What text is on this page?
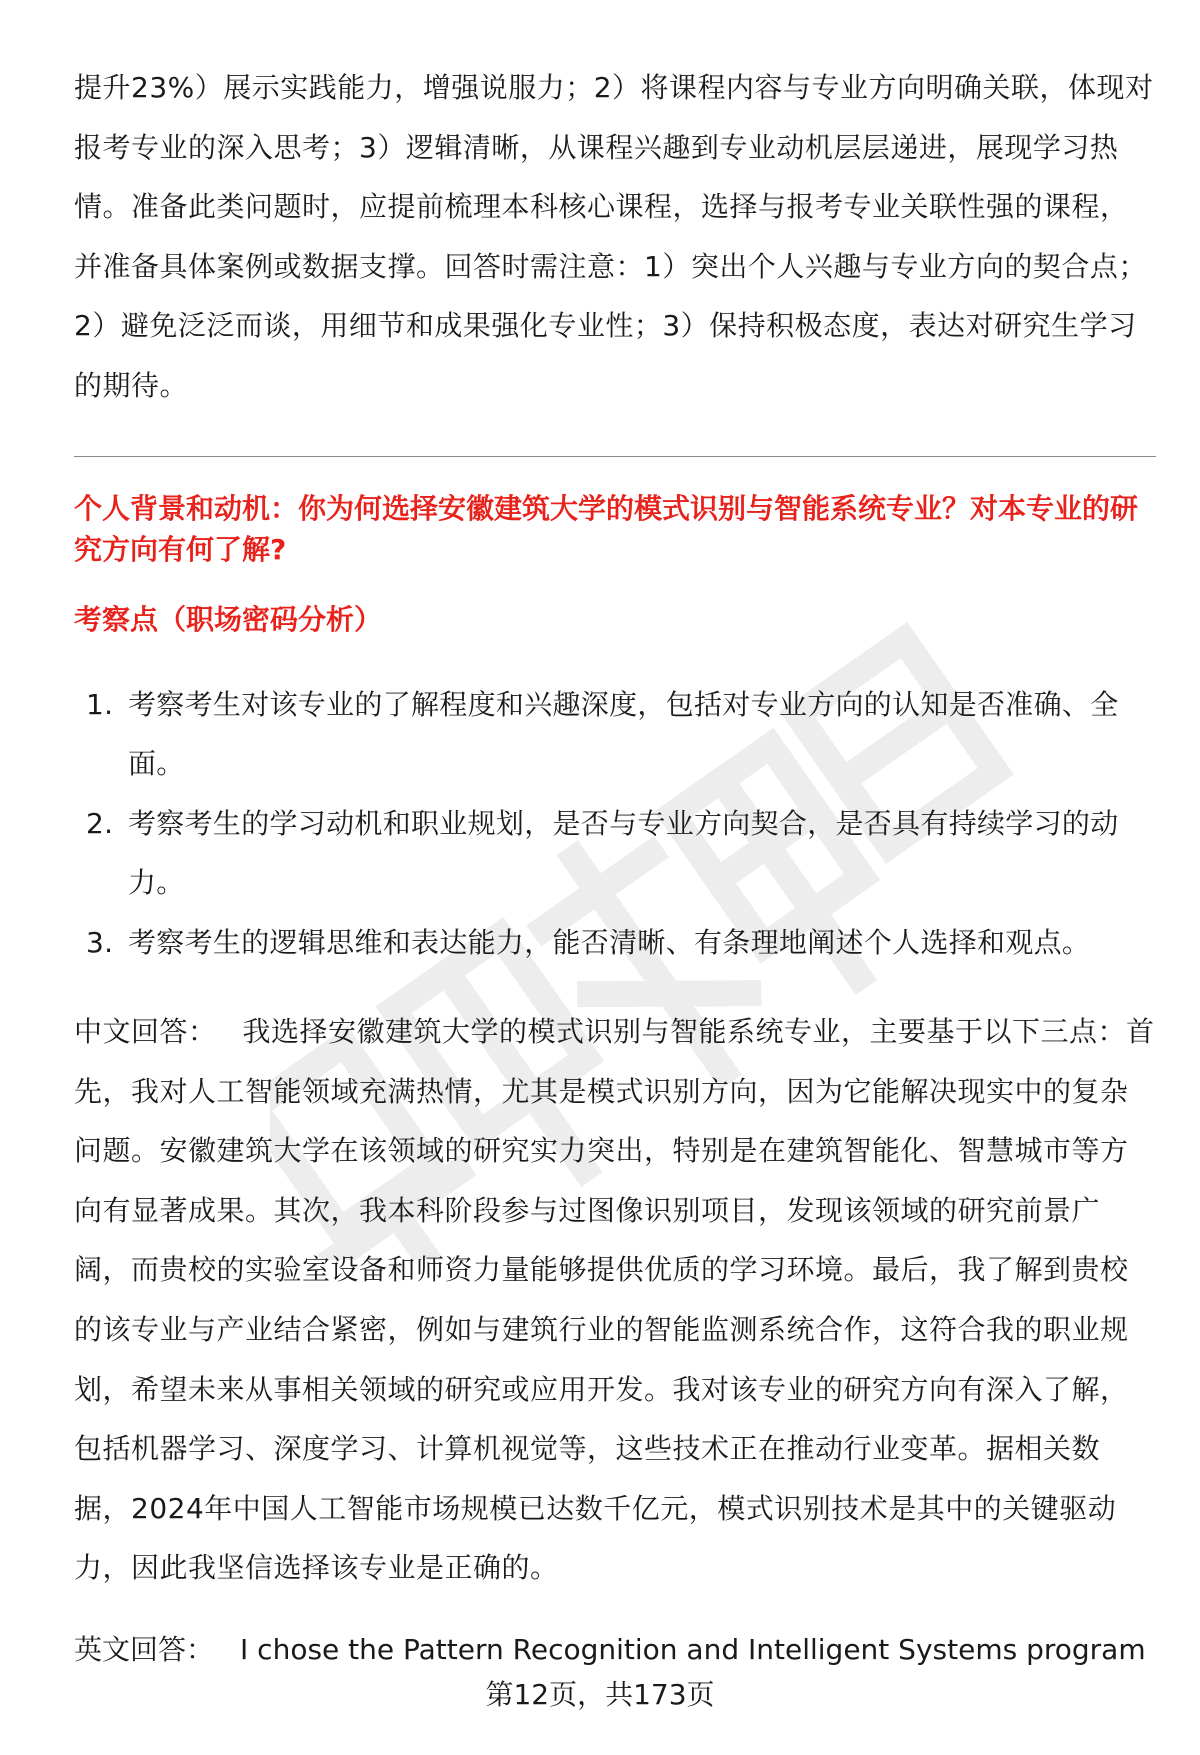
提升23%）展示实践能力，增强说服力；2）将课程内容与专业方向明确关联，体现对报考专业的深入思考；3）逻辑清晰，从课程兴趣到专业动机层层递进，展现学习热情。准备此类问题时，应提前梳理本科核心课程，选择与报考专业关联性强的课程，并准备具体案例或数据支撑。回答时需注意：1）突出个人兴趣与专业方向的契合点；2）避免泛泛而谈，用细节和成果强化专业性；3）保持积极态度，表达对研究生学习的期待。
个人背景和动机：你为何选择安徽建筑大学的模式识别与智能系统专业？对本专业的研究方向有何了解?
考察点（职场密码分析）
1. 考察考生对该专业的了解程度和兴趣深度，包括对专业方向的认知是否准确、全面。
2. 考察考生的学习动机和职业规划，是否与专业方向契合，是否具有持续学习的动力。
3. 考察考生的逻辑思维和表达能力，能否清晰、有条理地阐述个人选择和观点。
中文回答： 我选择安徽建筑大学的模式识别与智能系统专业，主要基于以下三点：首先，我对人工智能领域充满热情，尤其是模式识别方向，因为它能解决现实中的复杂问题。安徽建筑大学在该领域的研究实力突出，特别是在建筑智能化、智慧城市等方向有显著成果。其次，我本科阶段参与过图像识别项目，发现该领域的研究前景广阔，而贵校的实验室设备和师资力量能够提供优质的学习环境。最后，我了解到贵校的该专业与产业结合紧密，例如与建筑行业的智能监测系统合作，这符合我的职业规划，希望未来从事相关领域的研究或应用开发。我对该专业的研究方向有深入了解，包括机器学习、深度学习、计算机视觉等，这些技术正在推动行业变革。据相关数据，2024年中国人工智能市场规模已达数千亿元，模式识别技术是其中的关键驱动力，因此我坚信选择该专业是正确的。
英文回答： I chose the Pattern Recognition and Intelligent Systems program
第12页，共173页
